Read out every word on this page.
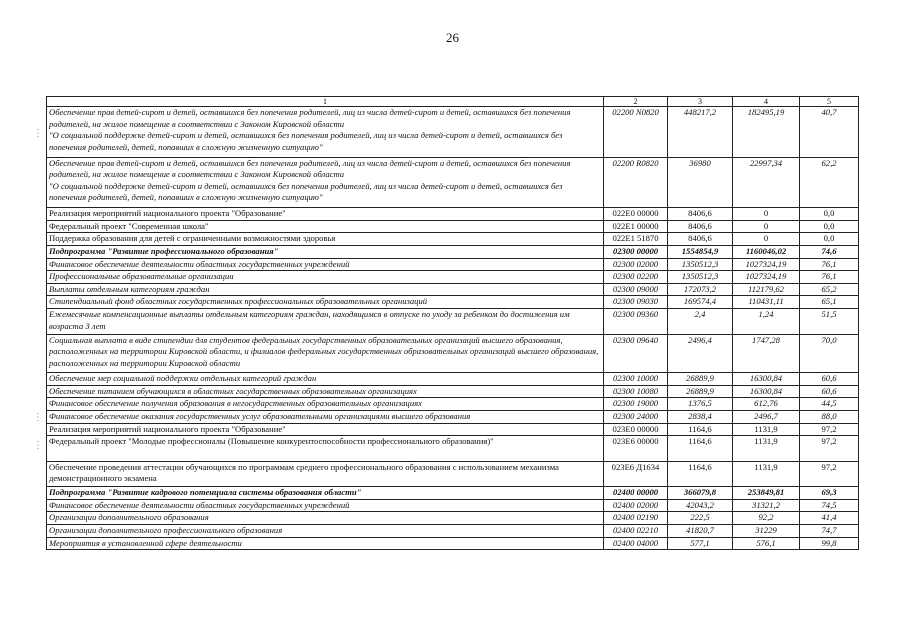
26
⋮
⋮
⋮
1	2	3	4	5
Обеспечение прав детей-сирот и детей, оставшихся без попечения родителей, лиц из числа детей-сирот и детей, оставшихся без попечения родителей, на жилое помещение в соответствии с Законом Кировской области
"О социальной поддержке детей-сирот и детей, оставшихся без попечения родителей, лиц из числа детей-сирот и детей, оставшихся без попечения родителей, детей, попавших в сложную жизненную ситуацию"	02200 N0820	448217,2	182495,19	40,7
Обеспечение прав детей-сирот и детей, оставшихся без попечения родителей, лиц из числа детей-сирот и детей, оставшихся без попечения родителей, на жилое помещение в соответствии с Законом Кировской области
"О социальной поддержке детей-сирот и детей, оставшихся без попечения родителей, лиц из числа детей-сирот и детей, оставшихся без попечения родителей, детей, попавших в сложную жизненную ситуацию"	02200 R0820	36980	22997,34	62,2
Реализация мероприятий национального проекта "Образование"	022E0 00000	8406,6	0	0,0
Федеральный проект "Современная школа"	022E1 00000	8406,6	0	0,0
Поддержка образования для детей с ограниченными возможностями здоровья	022E1 51870	8406,6	0	0,0
Подпрограмма "Развитие профессионального образования"	02300 00000	1554854,9	1160046,02	74,6
Финансовое обеспечение деятельности областных государственных учреждений	02300 02000	1350512,3	1027324,19	76,1
Профессиональные образовательные организации	02300 02200	1350512,3	1027324,19	76,1
Выплаты отдельным категориям граждан	02300 09000	172073,2	112179,62	65,2
Стипендиальный фонд областных государственных профессиональных образовательных организаций	02300 09030	169574,4	110431,11	65,1
Ежемесячные компенсационные выплаты отдельным категориям граждан, находящимся в отпуске по уходу за ребенком до достижения им возраста 3 лет	02300 09360	2,4	1,24	51,5
Социальная выплата в виде стипендии для студентов федеральных государственных образовательных организаций высшего образования, расположенных на территории Кировской области, и филиалов федеральных государственных образовательных организаций высшего образования, расположенных на территории Кировской области	02300 09640	2496,4	1747,28	70,0
Обеспечение мер социальной поддержки отдельных категорий граждан	02300 10000	26889,9	16300,84	60,6
Обеспечение питанием обучающихся в областных государственных образовательных организациях	02300 10080	26889,9	16300,84	60,6
Финансовое обеспечение получения образования в негосударственных образовательных организациях	02300 19000	1376,5	612,76	44,5
Финансовое обеспечение оказания государственных услуг образовательными организациями высшего образования	02300 24000	2838,4	2496,7	88,0
Реализация мероприятий национального проекта "Образование"	023E0 00000	1164,6	1131,9	97,2
Федеральный проект "Молодые профессионалы (Повышение конкурентоспособности профессионального образования)"	023E6 00000	1164,6	1131,9	97,2
Обеспечение проведения аттестации обучающихся по программам среднего профессионального образования с использованием механизма демонстрационного экзамена	023E6 Д1634	1164,6	1131,9	97,2
Подпрограмма "Развитие кадрового потенциала системы образования области"	02400 00000	366079,8	253849,81	69,3
Финансовое обеспечение деятельности областных государственных учреждений	02400 02000	42043,2	31321,2	74,5
Организации дополнительного образования	02400 02190	222,5	92,2	41,4
Организации дополнительного профессионального образования	02400 02210	41820,7	31229	74,7
Мероприятия в установленной сфере деятельности	02400 04000	577,1	576,1	99,8
